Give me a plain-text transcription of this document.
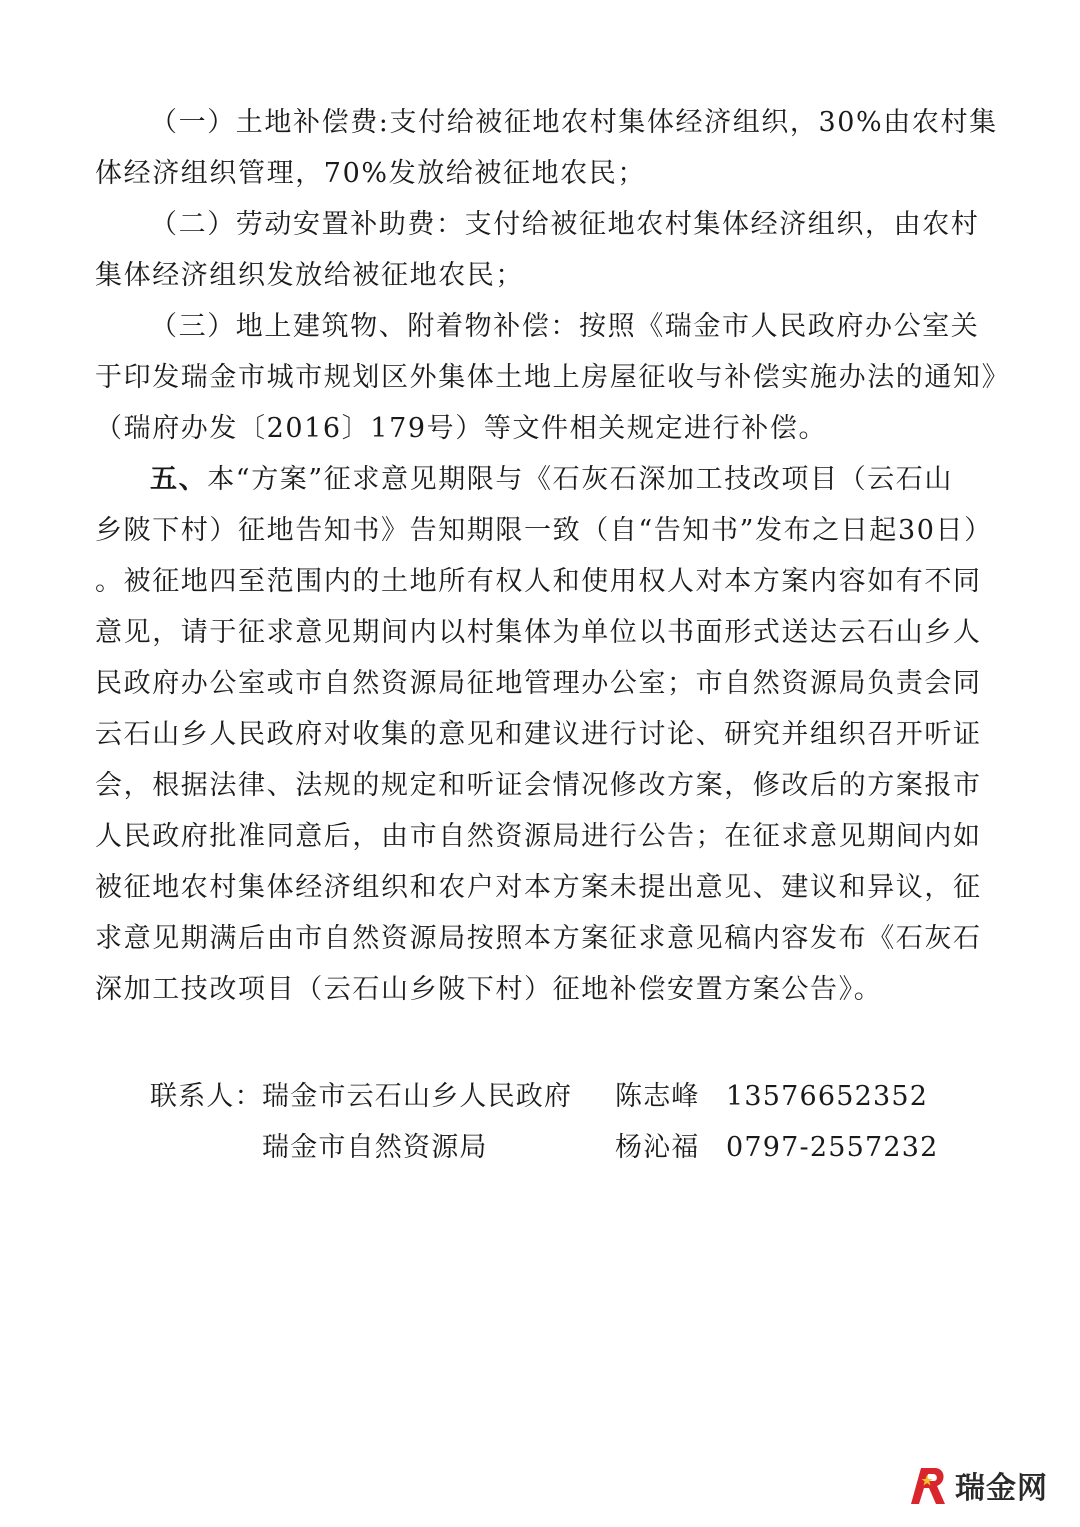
（一）土地补偿费:支付给被征地农村集体经济组织，30%由农村集
体经济组织管理，70%发放给被征地农民；
（二）劳动安置补助费：支付给被征地农村集体经济组织，由农村
集体经济组织发放给被征地农民；
（三）地上建筑物、附着物补偿：按照《瑞金市人民政府办公室关
于印发瑞金市城市规划区外集体土地上房屋征收与补偿实施办法的通知》
（瑞府办发〔2016〕179号）等文件相关规定进行补偿。
五、本“方案”征求意见期限与《石灰石深加工技改项目（云石山
乡陂下村）征地告知书》告知期限一致（自“告知书”发布之日起30日）
。被征地四至范围内的土地所有权人和使用权人对本方案内容如有不同
意见，请于征求意见期间内以村集体为单位以书面形式送达云石山乡人
民政府办公室或市自然资源局征地管理办公室；市自然资源局负责会同
云石山乡人民政府对收集的意见和建议进行讨论、研究并组织召开听证
会，根据法律、法规的规定和听证会情况修改方案，修改后的方案报市
人民政府批准同意后，由市自然资源局进行公告；在征求意见期间内如
被征地农村集体经济组织和农户对本方案未提出意见、建议和异议，征
求意见期满后由市自然资源局按照本方案征求意见稿内容发布《石灰石
深加工技改项目（云石山乡陂下村）征地补偿安置方案公告》。
联系人： 瑞金市云石山乡人民政府 陈志峰 13576652352
瑞金市自然资源局	杨沁福 0797-2557232
瑞金网
